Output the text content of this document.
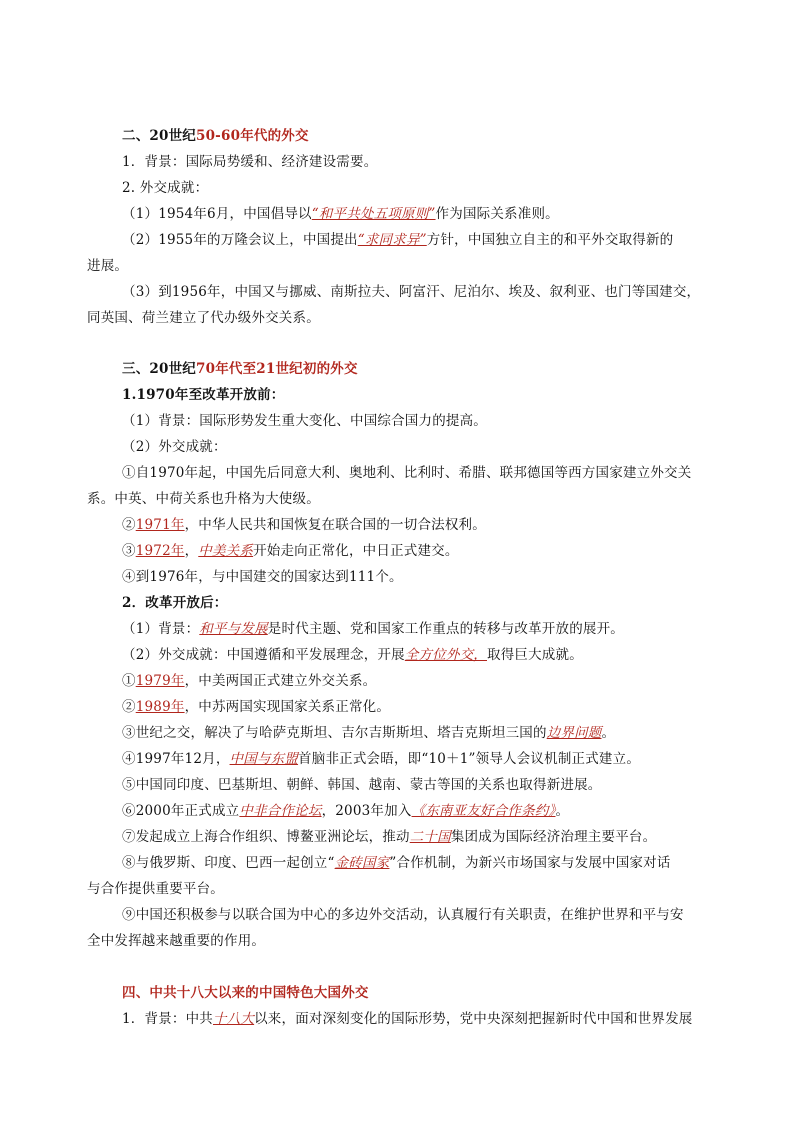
二、20世纪50-60年代的外交
1．背景：国际局势缓和、经济建设需要。
2. 外交成就：
（1）1954年6月，中国倡导以“和平共处五项原则”作为国际关系准则。
（2）1955年的万隆会议上，中国提出“求同求异”方针，中国独立自主的和平外交取得新的
进展。
（3）到1956年，中国又与挪威、南斯拉夫、阿富汗、尼泊尔、埃及、叙利亚、也门等国建交，
同英国、荷兰建立了代办级外交关系。
三、20世纪70年代至21世纪初的外交
1.1970年至改革开放前：
（1）背景：国际形势发生重大变化、中国综合国力的提高。
（2）外交成就：
①自1970年起，中国先后同意大利、奥地利、比利时、希腊、联邦德国等西方国家建立外交关
系。中英、中荷关系也升格为大使级。
②1971年，中华人民共和国恢复在联合国的一切合法权利。
③1972年，中美关系开始走向正常化，中日正式建交。
④到1976年，与中国建交的国家达到111个。
2．改革开放后：
（1）背景：和平与发展是时代主题、党和国家工作重点的转移与改革开放的展开。
（2）外交成就：中国遵循和平发展理念，开展全方位外交，取得巨大成就。
①1979年，中美两国正式建立外交关系。
②1989年，中苏两国实现国家关系正常化。
③世纪之交，解决了与哈萨克斯坦、吉尔吉斯斯坦、塔吉克斯坦三国的边界问题。
④1997年12月，中国与东盟首脑非正式会晤，即“10＋1”领导人会议机制正式建立。
⑤中国同印度、巴基斯坦、朝鲜、韩国、越南、蒙古等国的关系也取得新进展。
⑥2000年正式成立中非合作论坛，2003年加入《东南亚友好合作条约》。
⑦发起成立上海合作组织、博鳌亚洲论坛，推动二十国集团成为国际经济治理主要平台。
⑧与俄罗斯、印度、巴西一起创立“金砖国家”合作机制，为新兴市场国家与发展中国家对话
与合作提供重要平台。
⑨中国还积极参与以联合国为中心的多边外交活动，认真履行有关职责，在维护世界和平与安
全中发挥越来越重要的作用。
四、中共十八大以来的中国特色大国外交
1．背景：中共十八大以来，面对深刻变化的国际形势，党中央深刻把握新时代中国和世界发展
